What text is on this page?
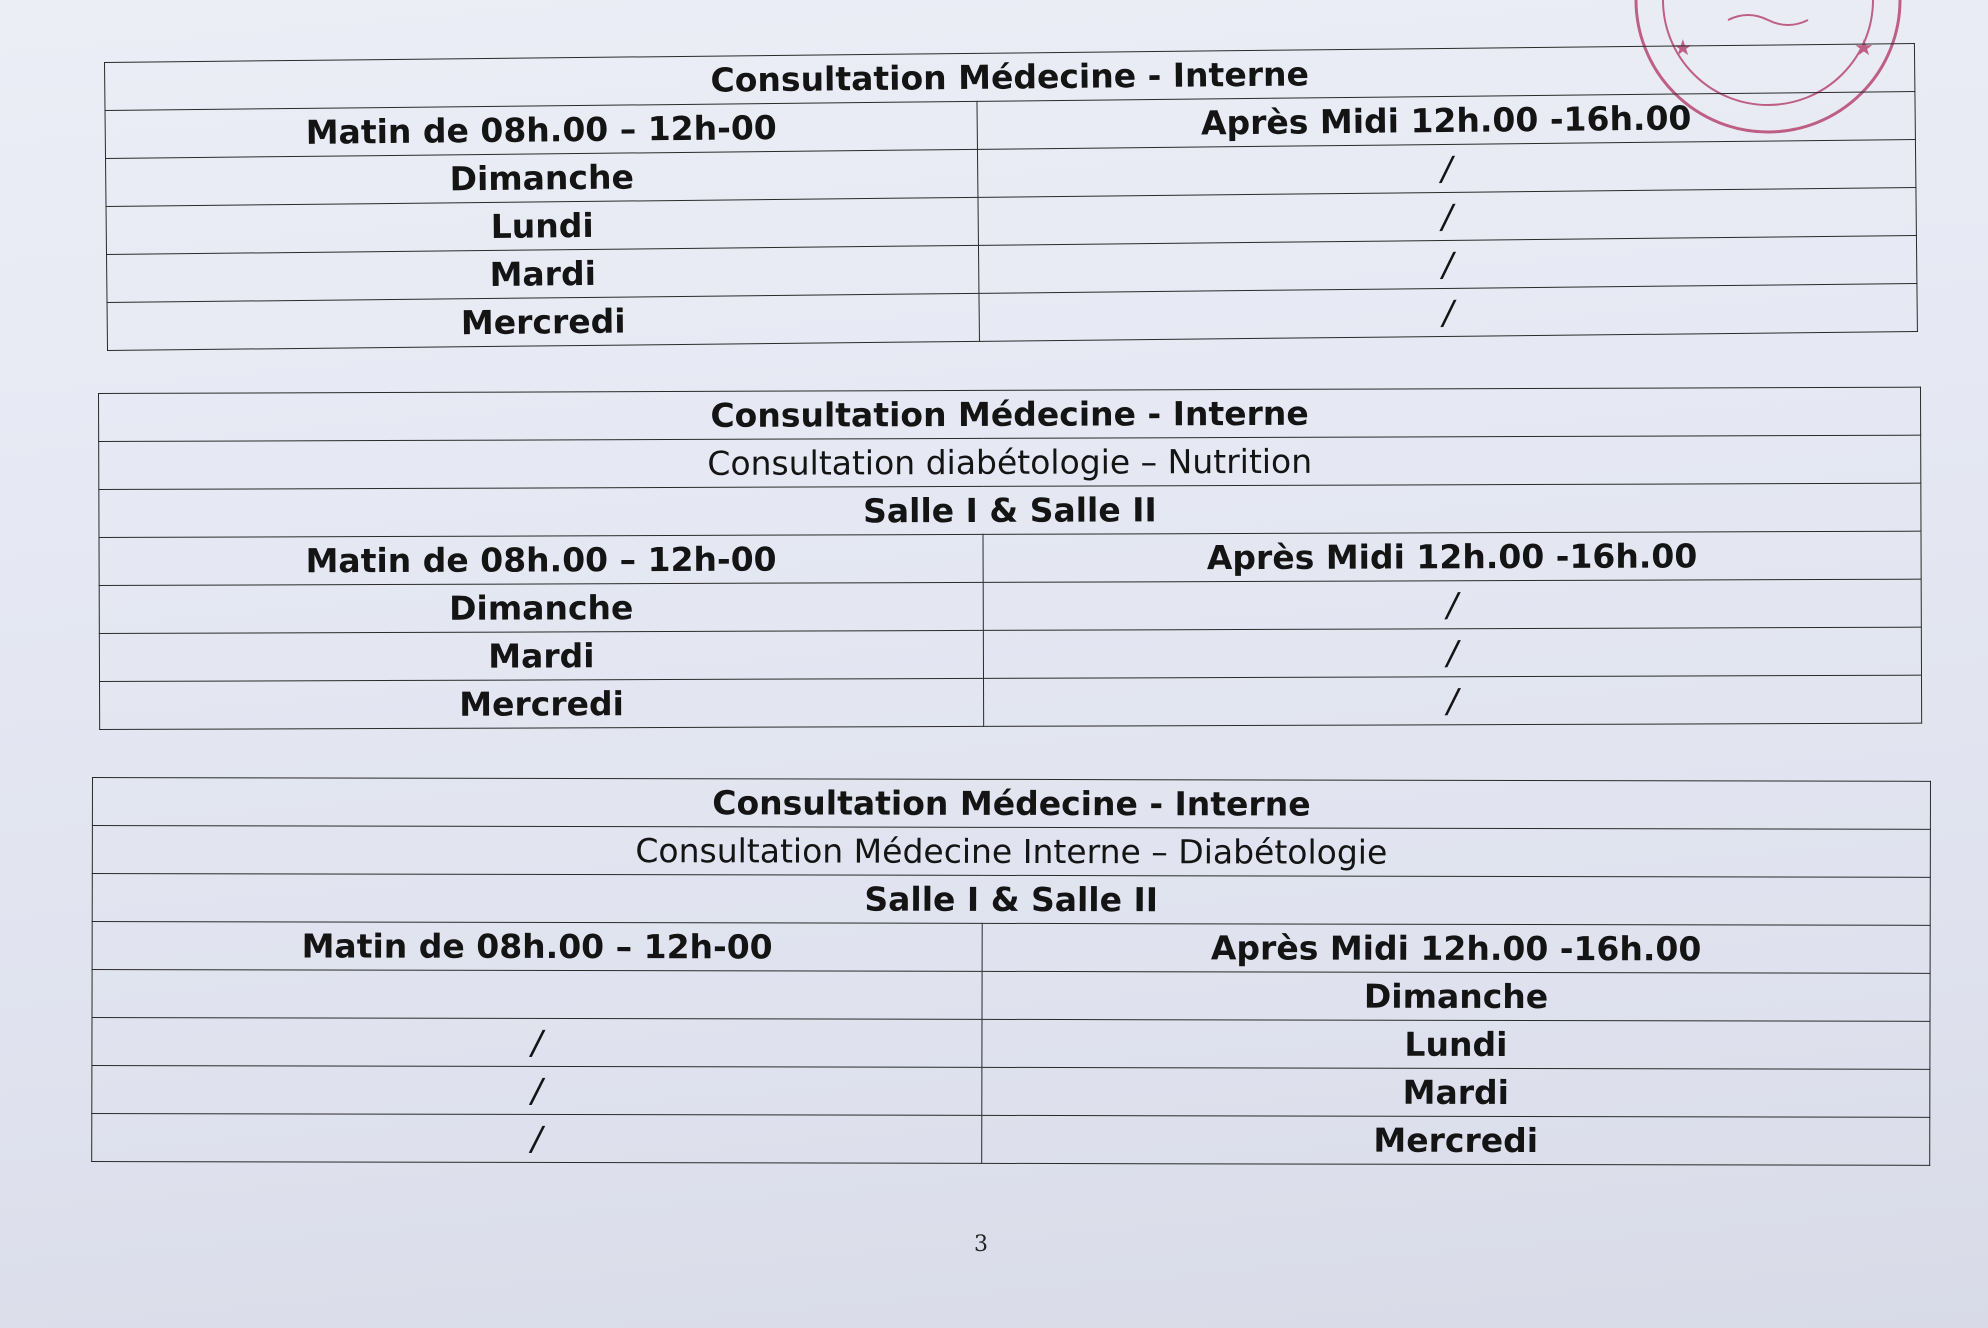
★	★
Consultation Médecine - Interne	
Matin de 08h.00 – 12h-00	Après Midi 12h.00 -16h.00
Dimanche	/
Lundi	/
Mardi	/
Mercredi	/
Consultation Médecine - Interne	
Consultation diabétologie – Nutrition	
Salle I & Salle II	
Matin de 08h.00 – 12h-00	Après Midi 12h.00 -16h.00
Dimanche	/
Mardi	/
Mercredi	/
Consultation Médecine - Interne	
Consultation Médecine Interne – Diabétologie	
Salle I & Salle II	
Matin de 08h.00 – 12h-00	Après Midi 12h.00 -16h.00
	Dimanche
/	Lundi
/	Mardi
/	Mercredi
3
